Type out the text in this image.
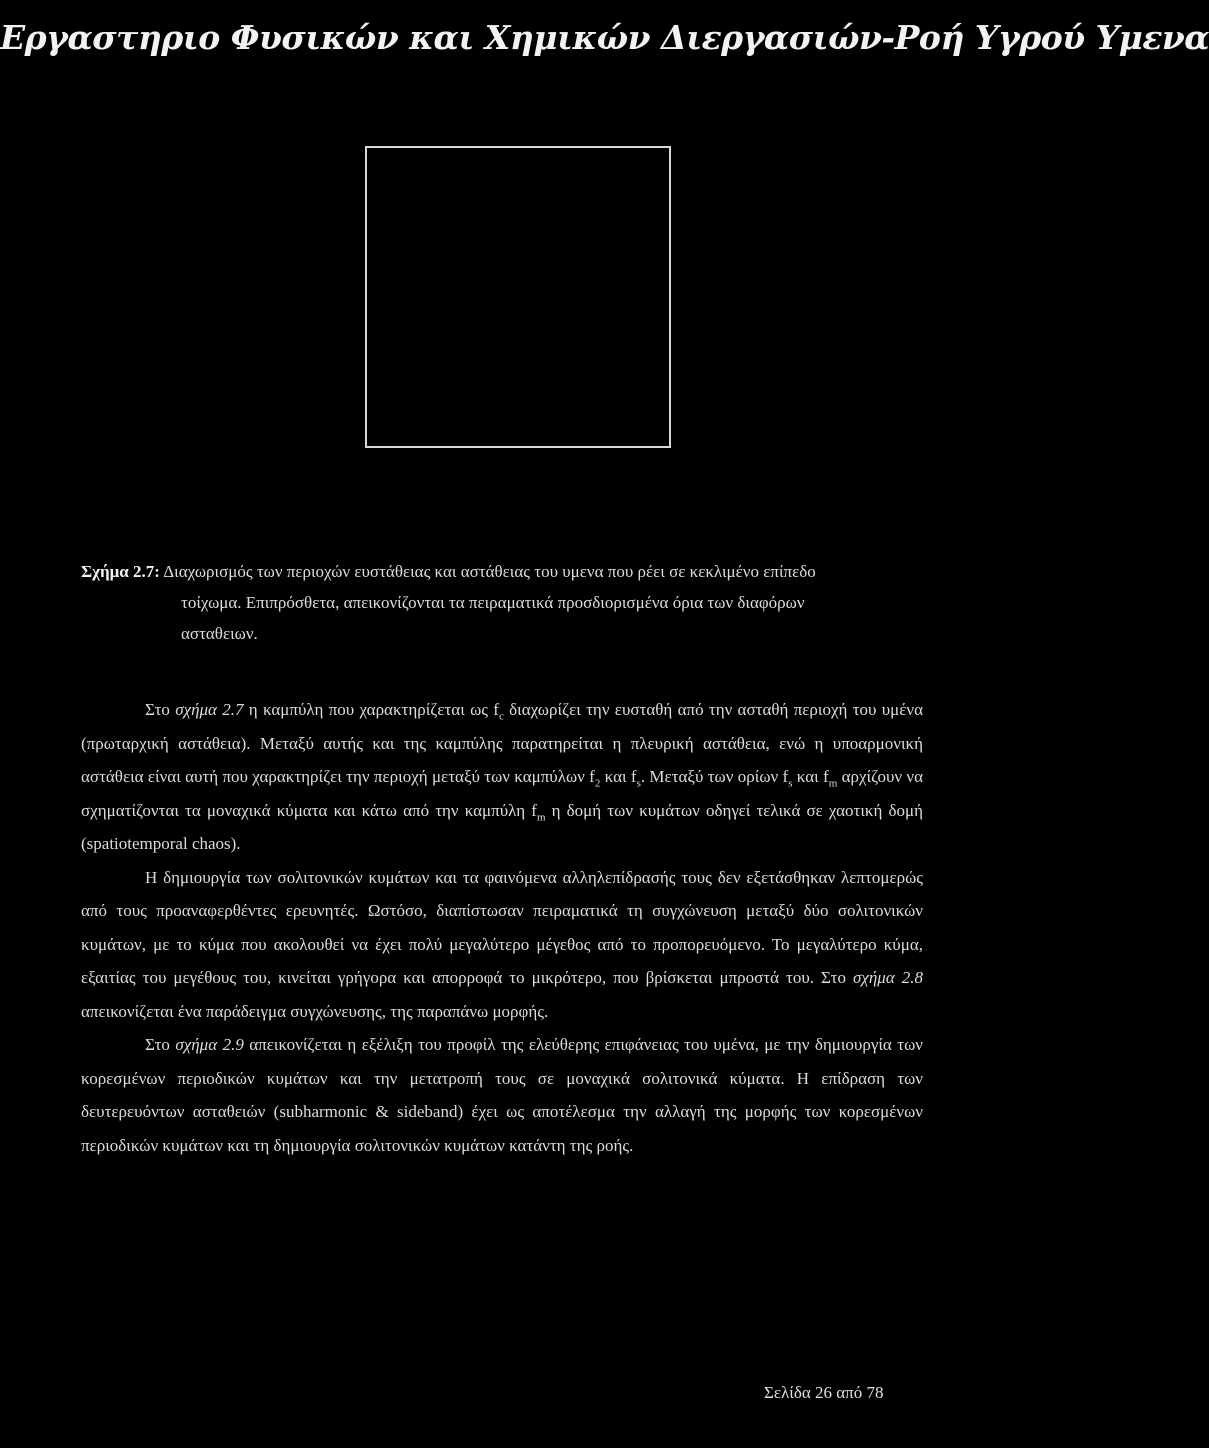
Εργαστηριο Φυσικών και Χημικών Διεργασιών-Ροή Υγρού Υμενα
Σχήμα 2.7: Διαχωρισμός των περιοχών ευστάθειας και αστάθειας του υμενα που ρέει σε κεκλιμένο επίπεδο
τοίχωμα. Επιπρόσθετα, απεικονίζονται τα πειραματικά προσδιορισμένα όρια των διαφόρων
ασταθειων.

Στο σχήμα 2.7 η καμπύλη που χαρακτηρίζεται ως $f_c$ διαχωρίζει την ευσταθή από την ασταθή περιοχή του υμένα (πρωταρχική αστάθεια). Μεταξύ αυτής και της καμπύλης παρατηρείται η πλευρική αστάθεια, ενώ η υποαρμονική αστάθεια είναι αυτή που χαρακτηρίζει την περιοχή μεταξύ των καμπύλων $f_2$ και $f_s$. Μεταξύ των ορίων $f_s$ και $f_m$ αρχίζουν να σχηματίζονται τα μοναχικά κύματα και κάτω από την καμπύλη $f_m$ η δομή των κυμάτων οδηγεί τελικά σε χαοτική δομή (spatiotemporal chaos).

Η δημιουργία των σολιτονικών κυμάτων και τα φαινόμενα αλληλεπίδρασής τους δεν εξετάσθηκαν λεπτομερώς από τους προαναφερθέντες ερευνητές. Ωστόσο, διαπίστωσαν πειραματικά τη συγχώνευση μεταξύ δύο σολιτονικών κυμάτων, με το κύμα που ακολουθεί να έχει πολύ μεγαλύτερο μέγεθος από το προπορευόμενο. Το μεγαλύτερο κύμα, εξαιτίας του μεγέθους του, κινείται γρήγορα και απορροφά το μικρότερο, που βρίσκεται μπροστά του. Στο σχήμα 2.8 απεικονίζεται ένα παράδειγμα συγχώνευσης, της παραπάνω μορφής.

Στο σχήμα 2.9 απεικονίζεται η εξέλιξη του προφίλ της ελεύθερης επιφάνειας του υμένα, με την δημιουργία των κορεσμένων περιοδικών κυμάτων και την μετατροπή τους σε μοναχικά σολιτονικά κύματα. Η επίδραση των δευτερευόντων ασταθειών (subharmonic & sideband) έχει ως αποτέλεσμα την αλλαγή της μορφής των κορεσμένων περιοδικών κυμάτων και τη δημιουργία σολιτονικών κυμάτων κατάντη της ροής.

Σελίδα 26 από 78
